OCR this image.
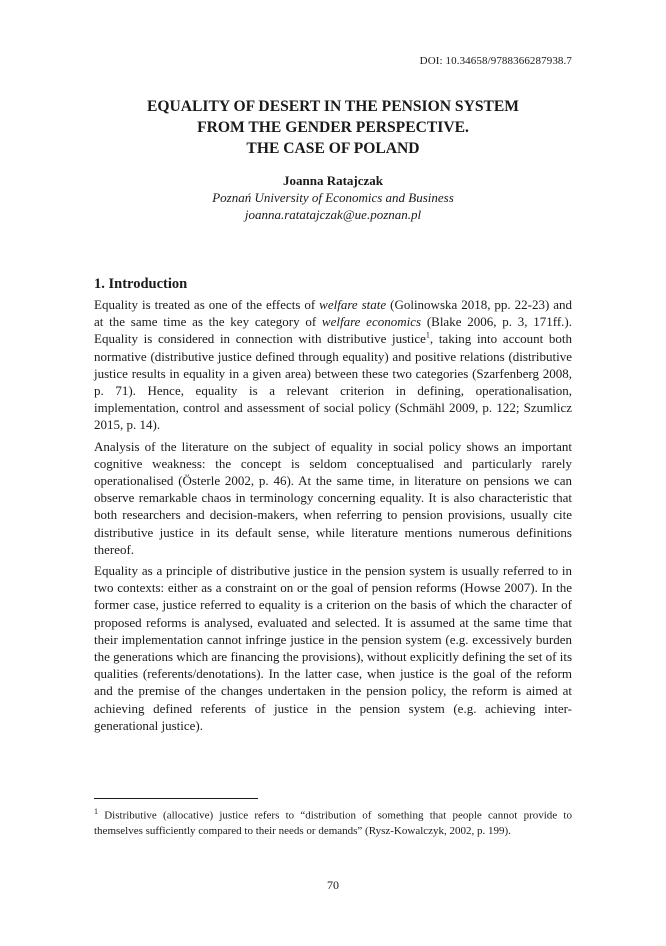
DOI: 10.34658/9788366287938.7
EQUALITY OF DESERT IN THE PENSION SYSTEM
FROM THE GENDER PERSPECTIVE.
THE CASE OF POLAND
Joanna Ratajczak
Poznań University of Economics and Business
joanna.ratatajczak@ue.poznan.pl
1. Introduction

Equality is treated as one of the effects of welfare state (Golinowska 2018, pp. 22-23) and at the same time as the key category of welfare economics (Blake 2006, p. 3, 171ff.). Equality is considered in connection with distributive justice$^1$, taking into account both normative (distributive justice defined through equality) and positive relations (distributive justice results in equality in a given area) between these two categories (Szarfenberg 2008, p. 71). Hence, equality is a relevant criterion in defining, operationalisation, implementation, control and assessment of social policy (Schmähl 2009, p. 122; Szumlicz 2015, p. 14).

Analysis of the literature on the subject of equality in social policy shows an important cognitive weakness: the concept is seldom conceptualised and particularly rarely operationalised (Österle 2002, p. 46). At the same time, in literature on pensions we can observe remarkable chaos in terminology concerning equality. It is also characteristic that both researchers and decision-makers, when referring to pension provisions, usually cite distributive justice in its default sense, while literature mentions numerous definitions thereof.

Equality as a principle of distributive justice in the pension system is usually referred to in two contexts: either as a constraint on or the goal of pension reforms (Howse 2007). In the former case, justice referred to equality is a criterion on the basis of which the character of proposed reforms is analysed, evaluated and selected. It is assumed at the same time that their implementation cannot infringe justice in the pension system (e.g. excessively burden the generations which are financing the provisions), without explicitly defining the set of its qualities (referents/denotations). In the latter case, when justice is the goal of the reform and the premise of the changes undertaken in the pension policy, the reform is aimed at achieving defined referents of justice in the pension system (e.g. achieving inter-generational justice).

$^1$ Distributive (allocative) justice refers to “distribution of something that people cannot provide to themselves sufficiently compared to their needs or demands” (Rysz-Kowalczyk, 2002, p. 199).
70
